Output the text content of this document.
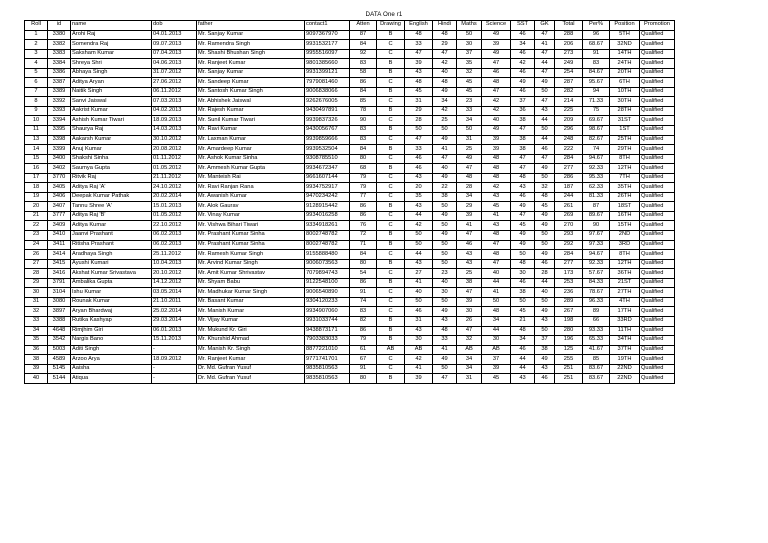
DATA One r1
Roll	id	name	dob	father	contact1	Atten	Drawing	English	Hindi	Maths	Science	SST	GK	Total	Per%	Position	Promotion
1	3380	Arohi Raj	04.01.2013	Mr. Sanjay Kumar	9097367970	87	B	48	48	50	49	46	47	288	96	5TH	Qualified
2	3382	Somendra Raj	09.07.2013	Mr. Ramendra Singh	9931532177	84	C	33	29	30	39	34	41	206	68.67	32ND	Qualified
3	3383	Saksham Kumar	07.04.2013	Mr. Shashi Bhushan Singh	9955516097	92	C	47	47	37	49	46	47	273	91	14TH	Qualified
4	3384	Shreya Shri	04.06.2013	Mr. Ranjeet Kumar	9801385660	83	B	39	42	35	47	42	44	249	83	24TH	Qualified
5	3386	Abhaya Singh	31.07.2012	Mr. Sanjay Kumar	9931399121	58	B	43	40	32	46	46	47	254	84.67	20TH	Qualified
6	3387	Aditya Aryan	27.06.2012	Mr. Sandeep Kumar	7979081460	86	C	48	48	45	48	49	49	287	95.67	6TH	Qualified
7	3389	Naitik Singh	06.11.2012	Mr. Santosh Kumar Singh	9006838066	84	B	45	49	45	47	46	50	282	94	10TH	Qualified
8	3392	Sanvi Jaiswal	07.03.2013	Mr. Abhishek Jaiswal	9262676005	85	C	31	34	23	42	37	47	214	71.33	30TH	Qualified
9	3393	Aakrist Kumar	04.02.2013	Mr. Rajesh Kumar	9430497891	78	B	29	42	33	42	36	43	225	75	28TH	Qualified
10	3394	Ashish Kumar Tiwari	18.09.2013	Mr. Sunil Kumar Tiwari	9939837326	90	C	28	25	34	40	38	44	209	69.67	31ST	Qualified
11	3395	Shaurya Raj	14.03.2013	Mr. Ravi Kumar	9430056767	83	B	50	50	50	49	47	50	296	98.67	1ST	Qualified
13	3398	Aakarsh Kumar	30.10.2012	Mr. Laxman Kumar	9939859666	83	C	47	49	31	39	38	44	248	82.67	25TH	Qualified
14	3399	Anuj Kumar	20.08.2012	Mr. Amardeep Kumar	9939532504	84	B	33	41	25	39	38	46	222	74	29TH	Qualified
15	3400	Shakshi Sinha	01.11.2012	Mr. Ashok Kumar Sinha	9308785510	80	C	46	47	49	48	47	47	284	94.67	8TH	Qualified
16	3402	Saumya Gupta	01.05.2012	Mr. Ammesh Kumar Gupta	9934672347	68	B	46	40	47	48	47	49	277	92.33	12TH	Qualified
17	3770	Ritvik Raj	21.11.2012	Mr. Manteish Rai	9661607144	79	C	43	49	48	48	48	50	286	95.33	7TH	Qualified
18	3405	Aditya Raj 'A'	24.10.2012	Mr. Ravi Ranjan Rana	9934752917	79	C	20	22	28	42	43	32	187	62.33	35TH	Qualified
19	3406	Deepak Kumar Pathak	20.02.2014	Mr. Awanish Kumar	9470234242	77	C	35	38	34	43	46	48	244	81.33	26TH	Qualified
20	3407	Tannu Shree 'A'	15.01.2013	Mr. Alok Gaurav	9128915442	86	B	43	50	29	45	49	45	261	87	18ST	Qualified
21	3777	Aditya Raj 'B'	01.05.2012	Mr. Vinay Kumar	9934016258	86	C	44	49	39	41	47	49	269	89.67	16TH	Qualified
22	3409	Aditya Kumar	22.10.2012	Mr. Vishwa Bihari Tiwari	9334918261	76	C	42	50	41	43	45	49	270	90	15TH	Qualified
23	3410	Jaanvi Prashant	06.02.2013	Mr. Prashant Kumar Sinha	8002748782	72	B	50	49	47	48	49	50	293	97.67	2ND	Qualified
24	3411	Ritisha Prashant	06.02.2013	Mr. Prashant Kumar Sinha	8002748782	71	B	50	50	46	47	49	50	292	97.33	3RD	Qualified
26	3414	Aradhaya Singh	25.11.2012	Mr. Ramesh Kumar Singh	9155888480	84	C	44	50	43	48	50	49	284	94.67	8TH	Qualified
27	3415	Ayushi Kumari	10.04.2013	Mr. Arvind Kumar Singh	9006073563	80	B	43	50	43	47	48	46	277	92.33	12TH	Qualified
28	3416	Akshat Kumar Srivastava	20.10.2012	Mr. Amit Kumar Shrivastav	7079894743	54	C	27	23	25	40	30	28	173	57.67	36TH	Qualified
29	3791	Ambalika Gupta	14.12.2012	Mr. Shyam Babu	9122548100	86	B	41	40	38	44	46	44	253	84.33	21ST	Qualified
30	3104	Ishu Kumar	03.05.2014	Mr. Madhukar Kumar Singh	9006540890	91	C	40	30	47	41	38	40	236	78.67	27TH	Qualified
31	3080	Rounak Kumar	21.10.2011	Mr. Basant Kumar	9304120233	74	C	50	50	39	50	50	50	289	96.33	4TH	Qualified
32	3897	Aryan Bhardwaj	25.02.2014	Mr. Manish Kumar	9934907060	83	C	46	49	30	48	45	49	267	89	17TH	Qualified
33	3388	Rutika Kashyap	29.03.2014	Mr. Vijay Kumar	9931033744	82	B	31	43	26	34	21	43	198	66	33RD	Qualified
34	4648	Rimjhim Giri	06.01.2013	Mr. Mukund Kr. Giri	9438873171	86	B	43	48	47	44	48	50	280	93.33	11TH	Qualified
35	3542	Nargis Bano	15.11.2013	Mr. Khurshid Ahmad	7903383033	79	B	30	33	32	30	34	37	196	65.33	34TH	Qualified
36	5003	Aditi Singh	-	Mr. Manish Kr. Singh	8877221010	61	AB	AB	41	AB	AB	46	38	125	41.67	37TH	Qualified
38	4589	Arzoo Arya	18.09.2012	Mr. Ranjeet Kumar	9771741701	67	C	42	49	34	37	44	49	255	85	19TH	Qualified
39	5145	Aaisha	-	Dr. Md. Gufran Yusuf	9835810563	91	C	41	50	34	39	44	43	251	83.67	22ND	Qualified
40	5144	Atiqua	-	Dr. Md. Gufran Yusuf	9835810563	80	B	39	47	31	45	43	46	251	83.67	22ND	Qualified
